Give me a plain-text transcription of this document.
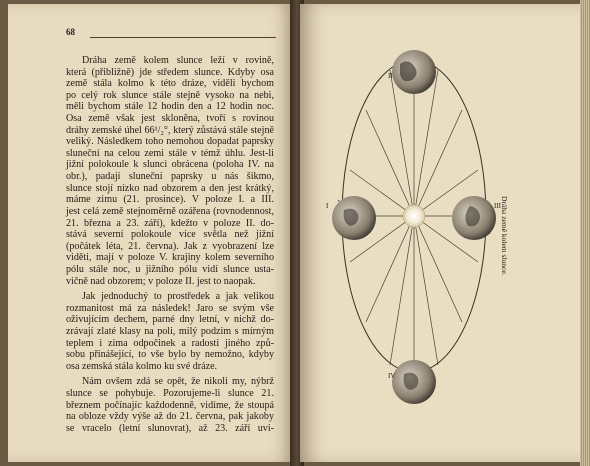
68
Dráha země kolem slunce leží v rovině,
která (přibližně) jde středem slunce. Kdyby osa
země stála kolmo k této dráze, viděli bychom
po celý rok slunce stále stejně vysoko na nebi,
měli bychom stále 12 hodin den a 12 hodin noc.
Osa země však jest skloněna, tvoří s rovinou
dráhy zemské úhel 66¹/₂°, který zůstává stále stejně
veliký. Následkem toho nemohou dopadat paprsky
sluneční na celou zemi stále v témž úhlu. Jest-li
jižní polokoule k slunci obrácena (poloha IV. na
obr.), padají sluneční paprsky u nás šikmo,
slunce stojí nízko nad obzorem a den jest krátký,
máme zimu (21. prosince). V poloze I. a III.
jest celá země stejnoměrně ozářena (rovnodennost,
21. března a 23. září), kdežto v poloze II. do-
stává severní polokoule více světla než jižní
(počátek léta, 21. června). Jak z vyobrazení lze
viděti, mají v poloze V. krajiny kolem severního
pólu stále noc, u jižního pólu vidí slunce usta-
vičně nad obzorem; v poloze II. jest to naopak.
Jak jednoduchý to prostředek a jak velikou
rozmanitost má za následek! Jaro se svým vše
oživujícím dechem, parné dny letní, v nichž do-
zrávají zlaté klasy na poli, milý podzim s mírným
teplem i zima odpočinek a radosti jiného způ-
sobu přinášející, to vše bylo by nemožno, kdyby
osa zemská stála kolmo ku své dráze.
Nám ovšem zdá se opět, že nikoli my, nýbrž
slunce se pohybuje. Pozorujeme-li slunce 21.
březnem počínajíc každodenně, vidíme, že stoupá
na obloze vždy výše až do 21. června, pak jakoby
se vracelo (letní slunovrat), až 23. září uvi-
I
II
III
IV
Dráha země kolem slunce.
